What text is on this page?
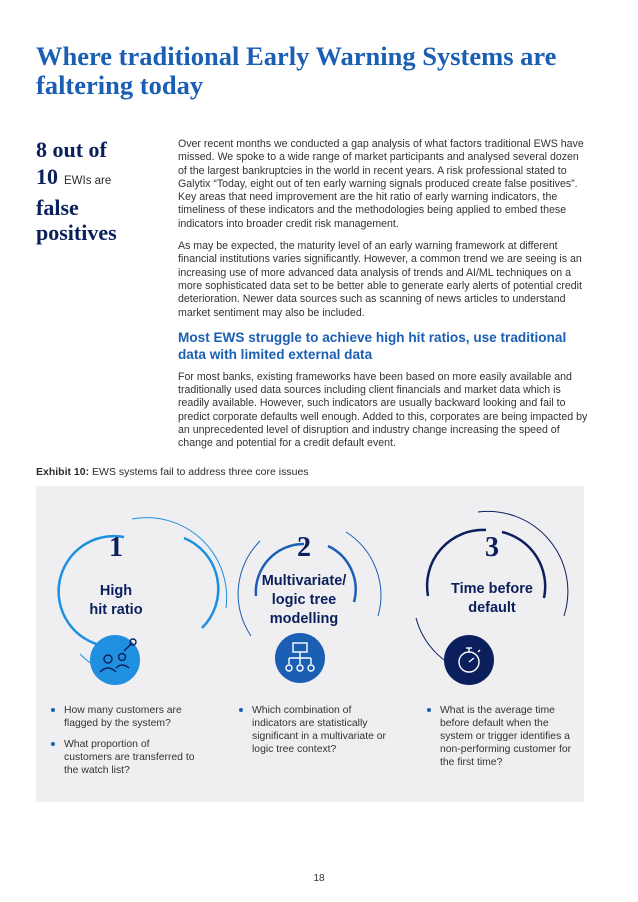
Where traditional Early Warning Systems are faltering today
8 out of
10 EWIs are
false
positives

Over recent months we conducted a gap analysis of what factors traditional EWS have missed. We spoke to a wide range of market participants and analysed several dozen of the largest bankruptcies in the world in recent years. A risk professional stated to Galytix “Today, eight out of ten early warning signals produced create false positives”. Key areas that need improvement are the hit ratio of early warning indicators, the timeliness of these indicators and the methodologies being applied to embed these indicators into broader credit risk management.

As may be expected, the maturity level of an early warning framework at different financial institutions varies significantly. However, a common trend we are seeing is an increasing use of more advanced data analysis of trends and AI/ML techniques on a more sophisticated data set to be better able to generate early alerts of potential credit deterioration. Newer data sources such as scanning of news articles to understand market sentiment may also be included.

Most EWS struggle to achieve high hit ratios, use traditional data with limited external data

For most banks, existing frameworks have been based on more easily available and traditionally used data sources including client financials and market data which is readily available. However, such indicators are usually backward looking and fail to predict corporate defaults well enough. Added to this, corporates are being impacted by an unprecedented level of disruption and industry change increasing the speed of change and potential for a credit default event.

Exhibit 10: EWS systems fail to address three core issues
1
High
hit ratio
How many customers are flagged by the system?
What proportion of customers are transferred to the watch list?
2
Multivariate/
logic tree
modelling
Which combination of indicators are statistically significant in a multivariate or logic tree context?
3
Time before
default
What is the average time before default when the system or trigger identifies a non-performing customer for the first time?
18
